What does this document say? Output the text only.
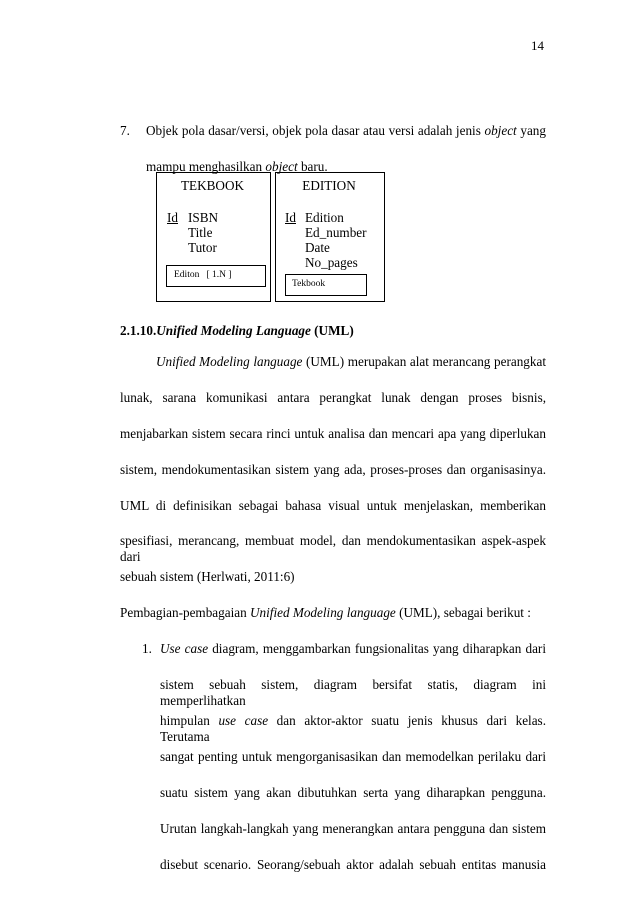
14
7. Objek pola dasar/versi, objek pola dasar atau versi adalah jenis object yang
mampu menghasilkan object baru.
TEKBOOK
Id ISBN
Title
Tutor
Editon   [ 1.N ]
EDITION
Id Edition
Ed_number
Date
No_pages
Tekbook
2.1.10.Unified Modeling Language (UML)
Unified Modeling language (UML) merupakan alat merancang perangkat
lunak, sarana komunikasi antara perangkat lunak dengan proses bisnis,
menjabarkan sistem secara rinci untuk analisa dan mencari apa yang diperlukan
sistem, mendokumentasikan sistem yang ada, proses-proses dan organisasinya.
UML di definisikan sebagai bahasa visual untuk menjelaskan, memberikan
spesifiasi, merancang, membuat model, dan mendokumentasikan aspek-aspek dari
sebuah sistem (Herlwati, 2011:6)
Pembagian-pembagaian Unified Modeling language (UML), sebagai berikut :
1. Use case diagram, menggambarkan fungsionalitas yang diharapkan dari
sistem sebuah sistem, diagram bersifat statis, diagram ini memperlihatkan
himpulan use case dan aktor-aktor suatu jenis khusus dari kelas. Terutama
sangat penting untuk mengorganisasikan dan memodelkan perilaku dari
suatu sistem yang akan dibutuhkan serta yang diharapkan pengguna.
Urutan langkah-langkah yang menerangkan antara pengguna dan sistem
disebut scenario. Seorang/sebuah aktor adalah sebuah entitas manusia
